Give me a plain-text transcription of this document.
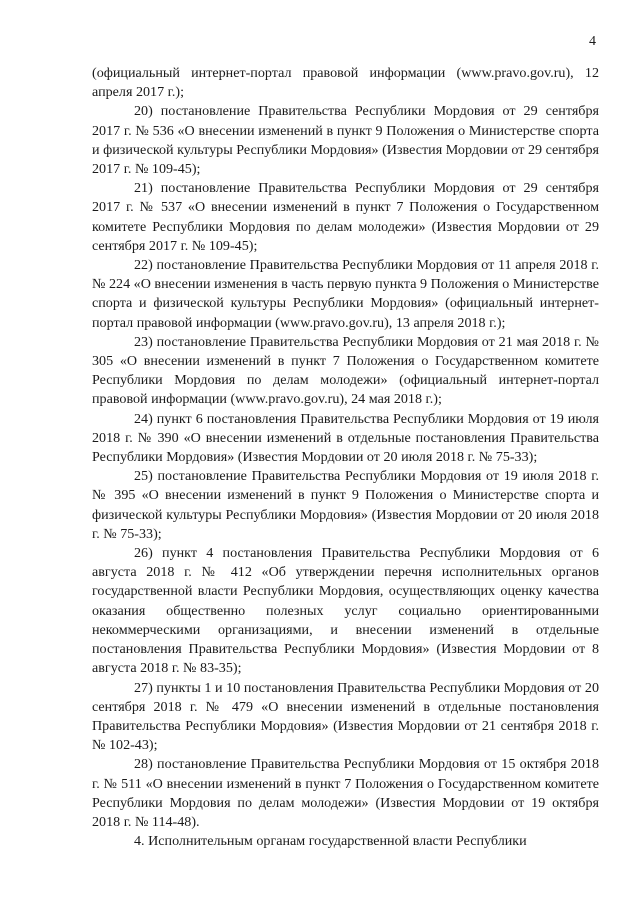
4

(официальный интернет-портал правовой информации (www.pravo.gov.ru), 12 апреля 2017 г.);

20) постановление Правительства Республики Мордовия от 29 сентября 2017 г. № 536 «О внесении изменений в пункт 9 Положения о Министерстве спорта и физической культуры Республики Мордовия» (Известия Мордовии от 29 сентября 2017 г. № 109-45);

21) постановление Правительства Республики Мордовия от 29 сентября 2017 г. № 537 «О внесении изменений в пункт 7 Положения о Государственном комитете Республики Мордовия по делам молодежи» (Известия Мордовии от 29 сентября 2017 г. № 109-45);

22) постановление Правительства Республики Мордовия от 11 апреля 2018 г. № 224 «О внесении изменения в часть первую пункта 9 Положения о Министерстве спорта и физической культуры Республики Мордовия» (официальный интернет-портал правовой информации (www.pravo.gov.ru), 13 апреля 2018 г.);

23) постановление Правительства Республики Мордовия от 21 мая 2018 г. № 305 «О внесении изменений в пункт 7 Положения о Государственном комитете Республики Мордовия по делам молодежи» (официальный интернет-портал правовой информации (www.pravo.gov.ru), 24 мая 2018 г.);

24) пункт 6 постановления Правительства Республики Мордовия от 19 июля 2018 г. № 390 «О внесении изменений в отдельные постановления Правительства Республики Мордовия» (Известия Мордовии от 20 июля 2018 г. № 75-33);

25) постановление Правительства Республики Мордовия от 19 июля 2018 г. № 395 «О внесении изменений в пункт 9 Положения о Министерстве спорта и физической культуры Республики Мордовия» (Известия Мордовии от 20 июля 2018 г. № 75-33);

26) пункт 4 постановления Правительства Республики Мордовия от 6 августа 2018 г. № 412 «Об утверждении перечня исполнительных органов государственной власти Республики Мордовия, осуществляющих оценку качества оказания общественно полезных услуг социально ориентированными некоммерческими организациями, и внесении изменений в отдельные постановления Правительства Республики Мордовия» (Известия Мордовии от 8 августа 2018 г. № 83-35);

27) пункты 1 и 10 постановления Правительства Республики Мордовия от 20 сентября 2018 г. № 479 «О внесении изменений в отдельные постановления Правительства Республики Мордовия» (Известия Мордовии от 21 сентября 2018 г. № 102-43);

28) постановление Правительства Республики Мордовия от 15 октября 2018 г. № 511 «О внесении изменений в пункт 7 Положения о Государственном комитете Республики Мордовия по делам молодежи» (Известия Мордовии от 19 октября 2018 г. № 114-48).

4. Исполнительным органам государственной власти Республики
